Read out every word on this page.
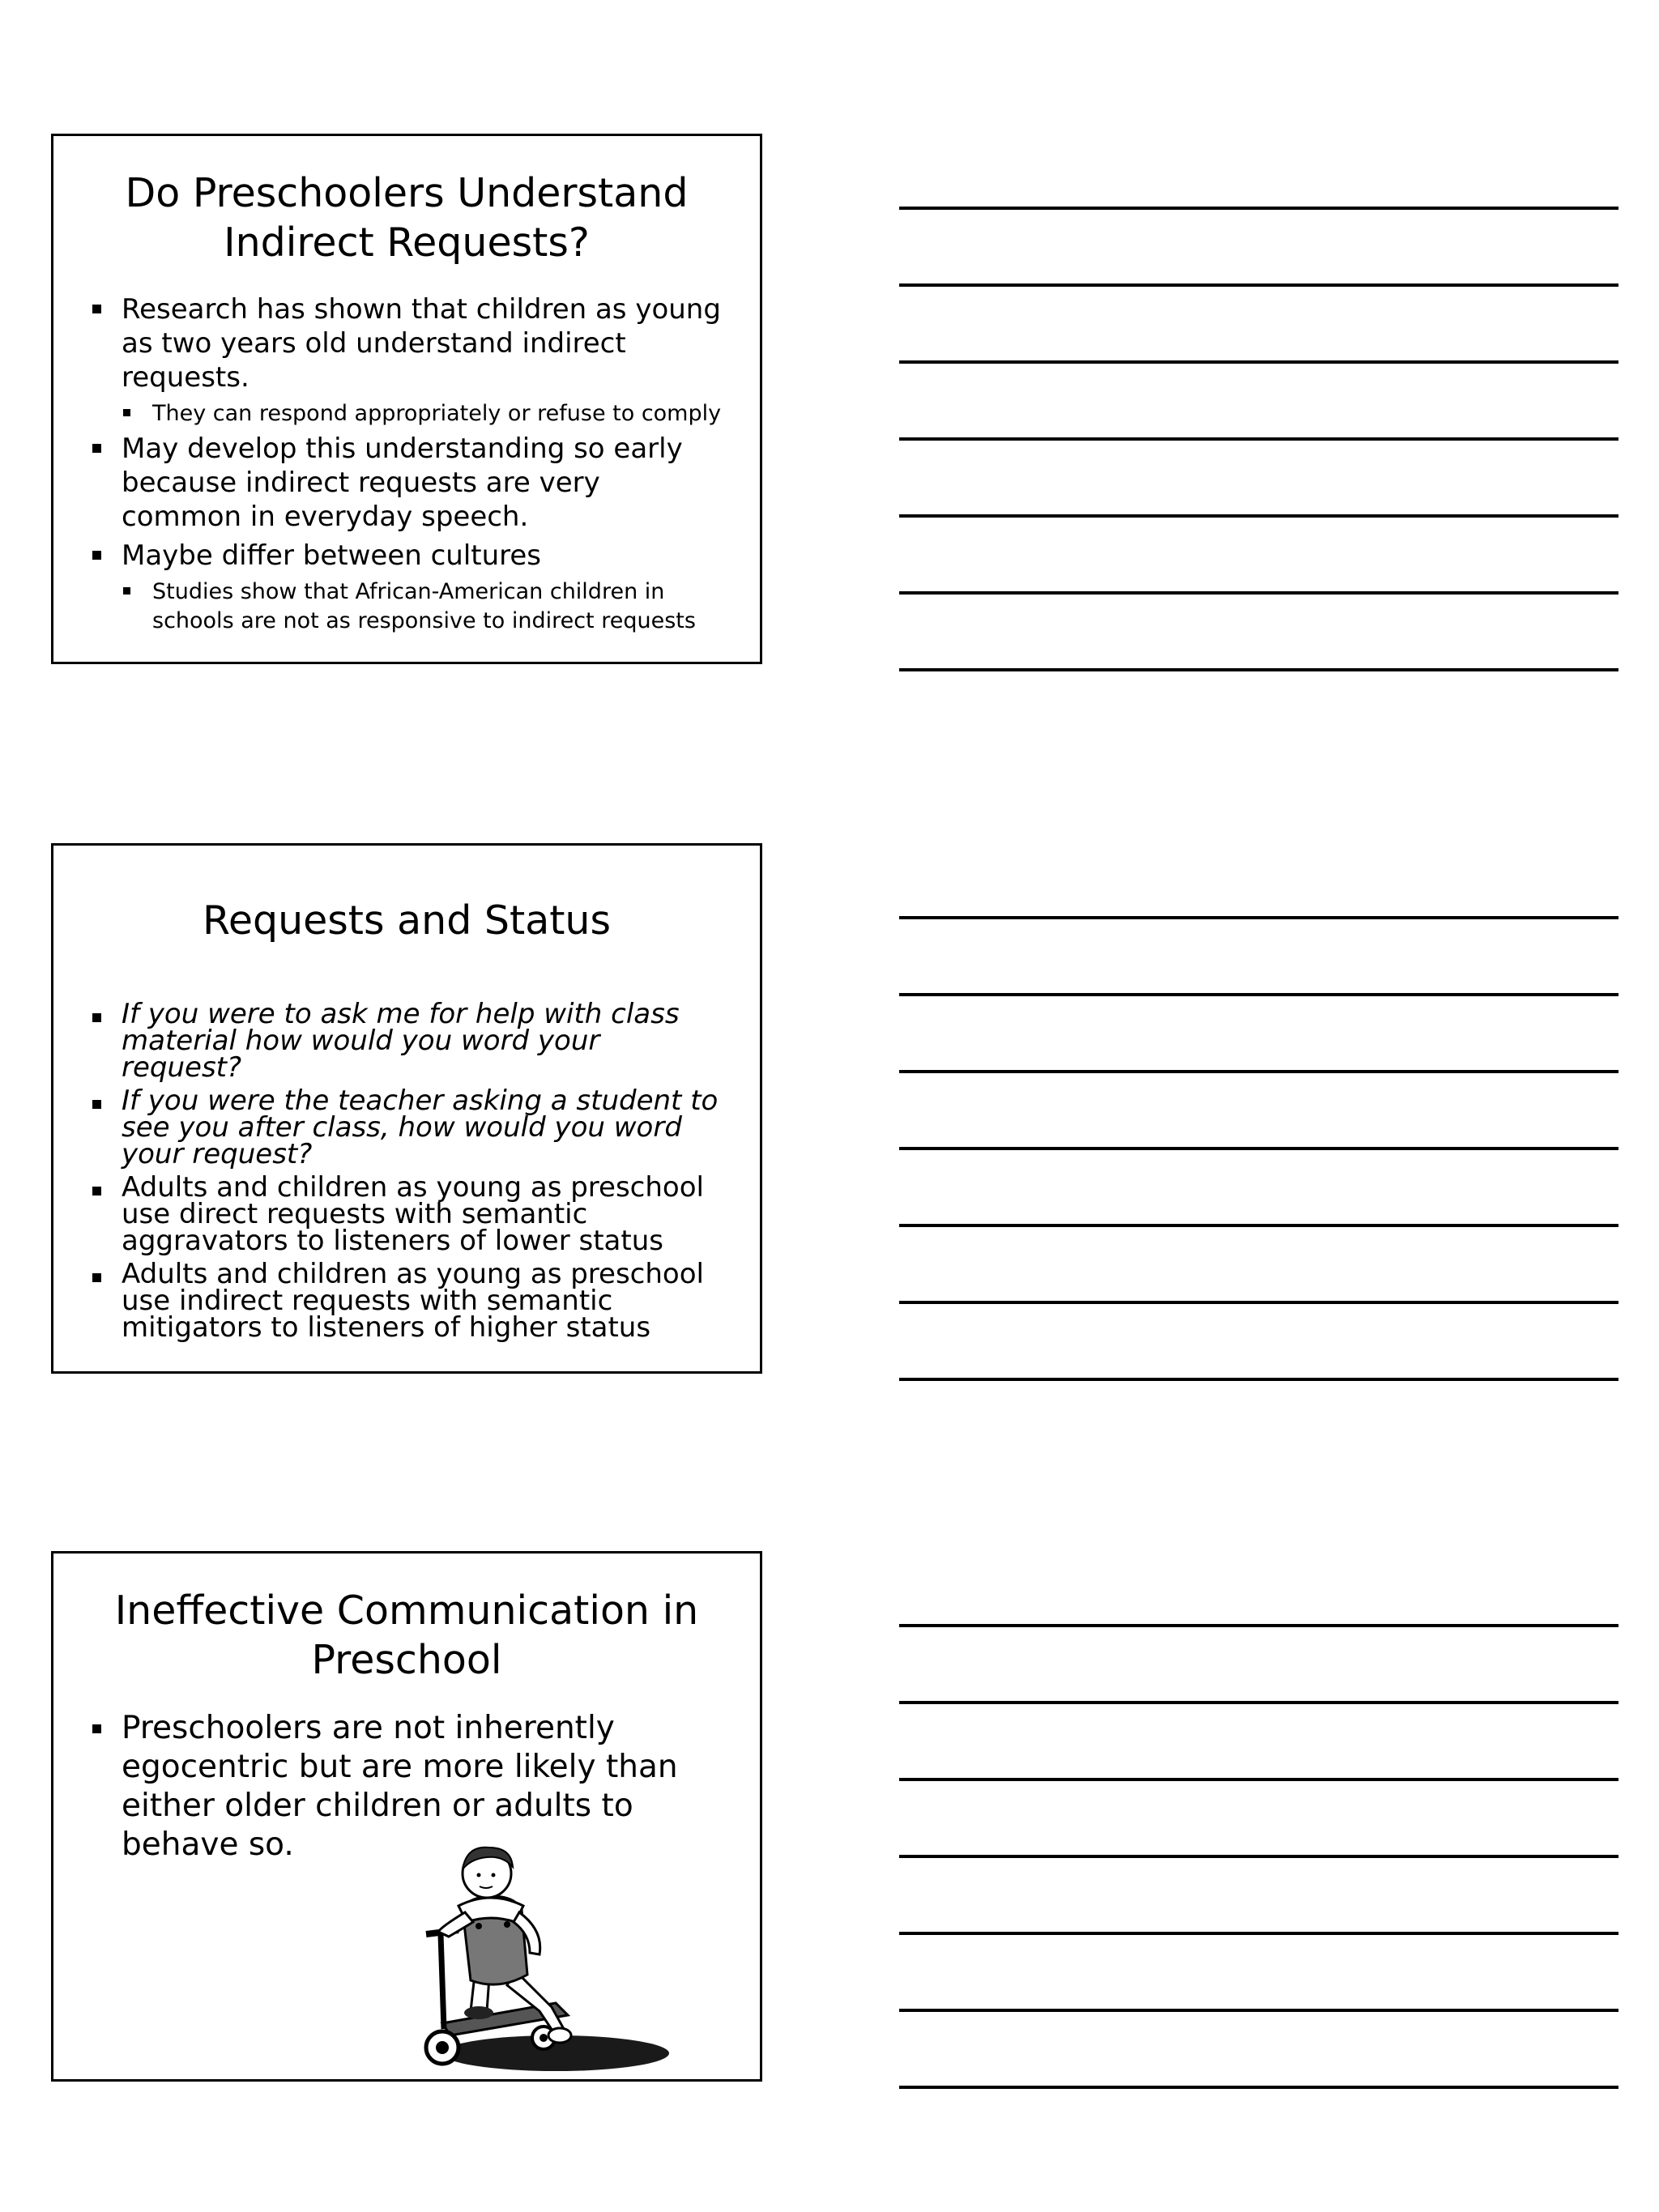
Do Preschoolers Understand
Indirect Requests?
Research has shown that children as young as two years old understand indirect requests.
They can respond appropriately or refuse to comply
May develop this understanding so early because indirect requests are very common in everyday speech.
Maybe differ between cultures
Studies show that African-American children in schools are not as responsive to indirect requests
Requests and Status
If you were to ask me for help with class material how would you word your request?
If you were the teacher asking a student to see you after class, how would you word your request?
Adults and children as young as preschool use direct requests with semantic aggravators to listeners of lower status
Adults and children as young as preschool use indirect requests with semantic mitigators to listeners of higher status
Ineffective Communication in
Preschool
Preschoolers are not inherently egocentric but are more likely than either older children or adults to behave so.
